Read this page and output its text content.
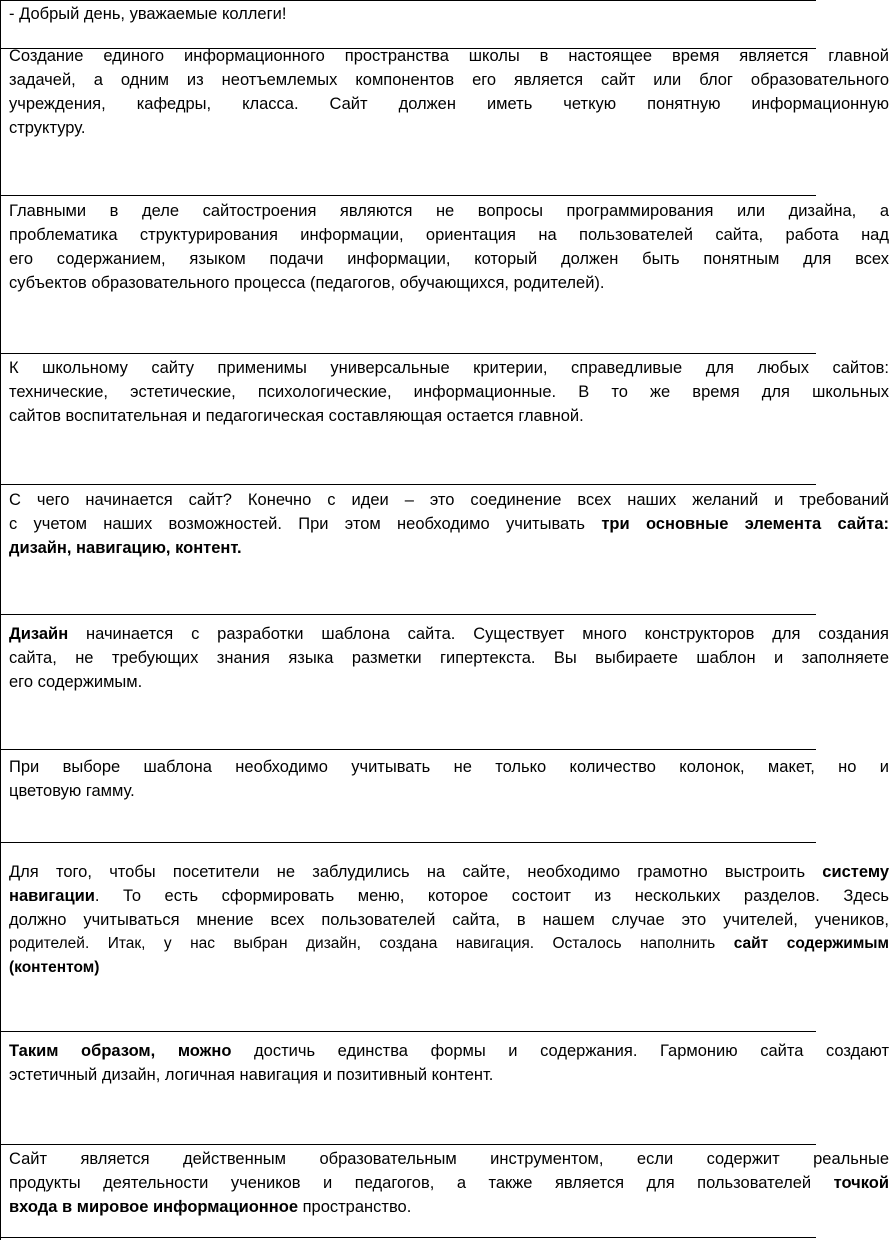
- Добрый день, уважаемые коллеги!
Создание единого информационного пространства школы в настоящее время является главной
задачей, а одним из неотъемлемых компонентов его является сайт или блог образовательного
учреждения, кафедры, класса. Сайт должен иметь четкую понятную информационную
структуру.
Главными в деле сайтостроения являются не вопросы программирования или дизайна, а
проблематика структурирования информации, ориентация на пользователей сайта, работа над
его содержанием, языком подачи информации, который должен быть понятным для всех
субъектов образовательного процесса (педагогов, обучающихся, родителей).
К школьному сайту применимы универсальные критерии, справедливые для любых сайтов:
технические, эстетические, психологические, информационные. В то же время для школьных
сайтов воспитательная и педагогическая составляющая остается главной.
С чего начинается сайт? Конечно с идеи – это соединение всех наших желаний и требований
с учетом наших возможностей. При этом необходимо учитывать три основные элемента сайта:
дизайн, навигацию, контент.
Дизайн начинается с разработки шаблона сайта. Существует много конструкторов для создания
сайта, не требующих знания языка разметки гипертекста. Вы выбираете шаблон и заполняете
его содержимым.
При выборе шаблона необходимо учитывать не только количество колонок, макет, но и
цветовую гамму.
Для того, чтобы посетители не заблудились на сайте, необходимо грамотно выстроить систему
навигации. То есть сформировать меню, которое состоит из нескольких разделов. Здесь
должно учитываться мнение всех пользователей сайта, в нашем случае это учителей, учеников,
родителей. Итак, у нас выбран дизайн, создана навигация. Осталось наполнить сайт содержимым
(контентом)
Таким образом, можно достичь единства формы и содержания. Гармонию сайта создают
эстетичный дизайн, логичная навигация и позитивный контент.
Сайт является действенным образовательным инструментом, если содержит реальные
продукты деятельности учеников и педагогов, а также является для пользователей точкой
входа в мировое информационное пространство.
